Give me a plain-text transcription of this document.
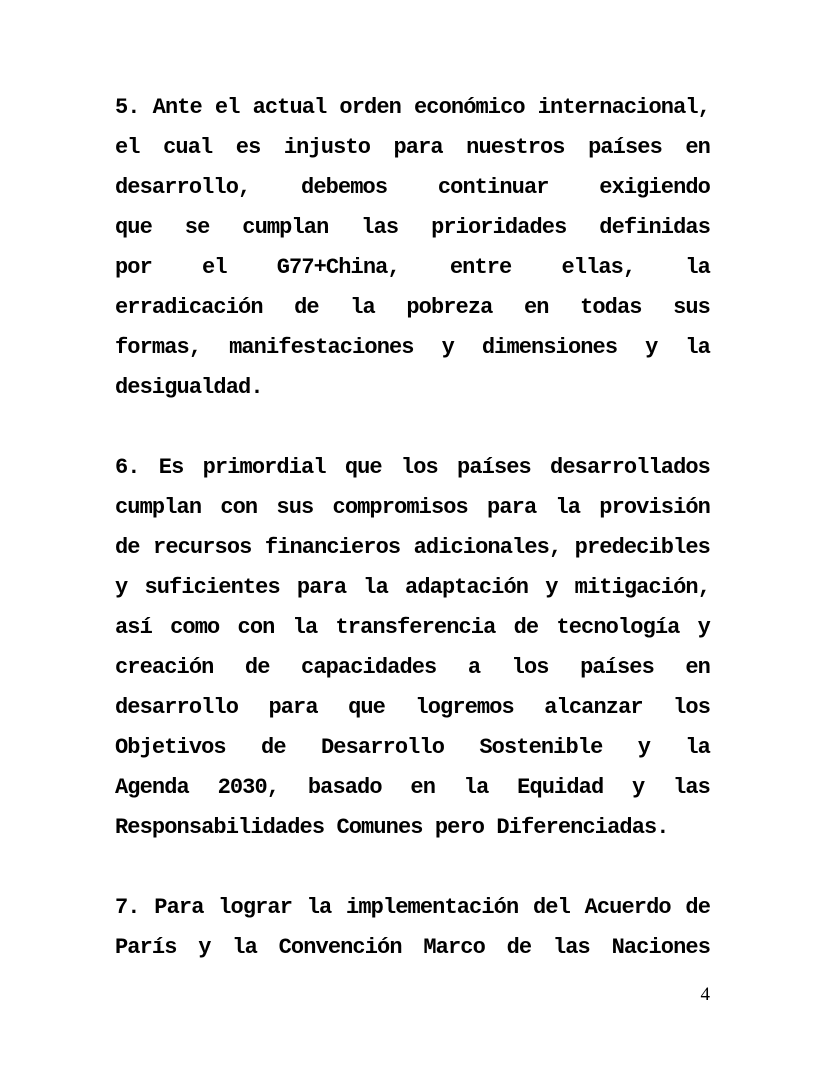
5. Ante el actual orden económico internacional,
el cual es injusto para nuestros países en
desarrollo, debemos continuar exigiendo
que se cumplan las prioridades definidas
por el G77+China, entre ellas, la
erradicación de la pobreza en todas sus
formas, manifestaciones y dimensiones y la
desigualdad.
6. Es primordial que los países desarrollados
cumplan con sus compromisos para la provisión
de recursos financieros adicionales, predecibles
y suficientes para la adaptación y mitigación,
así como con la transferencia de tecnología y
creación de capacidades a los países en
desarrollo para que logremos alcanzar los
Objetivos de Desarrollo Sostenible y la
Agenda 2030, basado en la Equidad y las
Responsabilidades Comunes pero Diferenciadas.
7. Para lograr la implementación del Acuerdo de
París y la Convención Marco de las Naciones
4
